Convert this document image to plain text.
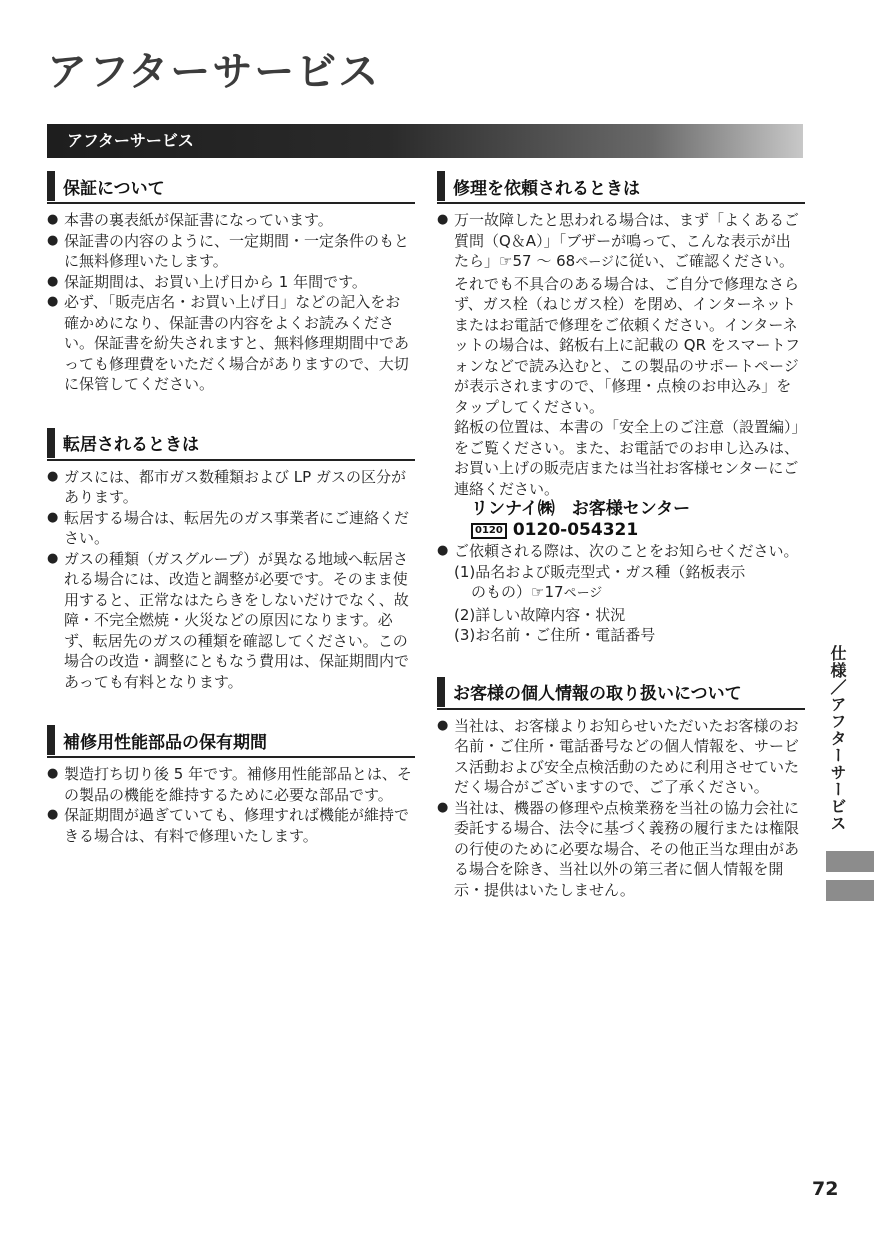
アフターサービス
アフターサービス
保証について
● 本書の裏表紙が保証書になっています。
● 保証書の内容のように、一定期間・一定条件のもとに無料修理いたします。
● 保証期間は、お買い上げ日から 1 年間です。
● 必ず、「販売店名・お買い上げ日」などの記入をお確かめになり、保証書の内容をよくお読みください。保証書を紛失されますと、無料修理期間中であっても修理費をいただく場合がありますので、大切に保管してください。
転居されるときは
● ガスには、都市ガス数種類および LP ガスの区分があります。
● 転居する場合は、転居先のガス事業者にご連絡ください。
● ガスの種類（ガスグループ）が異なる地域へ転居される場合には、改造と調整が必要です。そのまま使用すると、正常なはたらきをしないだけでなく、故障・不完全燃焼・火災などの原因になります。必ず、転居先のガスの種類を確認してください。この場合の改造・調整にともなう費用は、保証期間内であっても有料となります。
補修用性能部品の保有期間
● 製造打ち切り後 5 年です。補修用性能部品とは、その製品の機能を維持するために必要な部品です。
● 保証期間が過ぎていても、修理すれば機能が維持できる場合は、有料で修理いたします。
修理を依頼されるときは
● 万一故障したと思われる場合は、まず「よくあるご質問（Q＆A）」「ブザーが鳴って、こんな表示が出たら」☞57 ～ 68ページに従い、ご確認ください。それでも不具合のある場合は、ご自分で修理なさらず、ガス栓（ねじガス栓）を閉め、インターネットまたはお電話で修理をご依頼ください。インターネットの場合は、銘板右上に記載の QR をスマートフォンなどで読み込むと、この製品のサポートページが表示されますので、「修理・点検のお申込み」をタップしてください。

銘板の位置は、本書の「安全上のご注意（設置編）」をご覧ください。また、お電話でのお申し込みは、お買い上げの販売店または当社お客様センターにご連絡ください。

リンナイ㈱　お客様センター
0120 0120-054321
● ご依頼される際は、次のことをお知らせください。
(1)品名および販売型式・ガス種（銘板表示
のもの）☞17ページ
(2)詳しい故障内容・状況
(3)お名前・ご住所・電話番号
お客様の個人情報の取り扱いについて
● 当社は、お客様よりお知らせいただいたお客様のお名前・ご住所・電話番号などの個人情報を、サービス活動および安全点検活動のために利用させていただく場合がございますので、ご了承ください。
● 当社は、機器の修理や点検業務を当社の協力会社に委託する場合、法令に基づく義務の履行または権限の行使のために必要な場合、その他正当な理由がある場合を除き、当社以外の第三者に個人情報を開示・提供はいたしません。
仕様／アフターサービス
72
